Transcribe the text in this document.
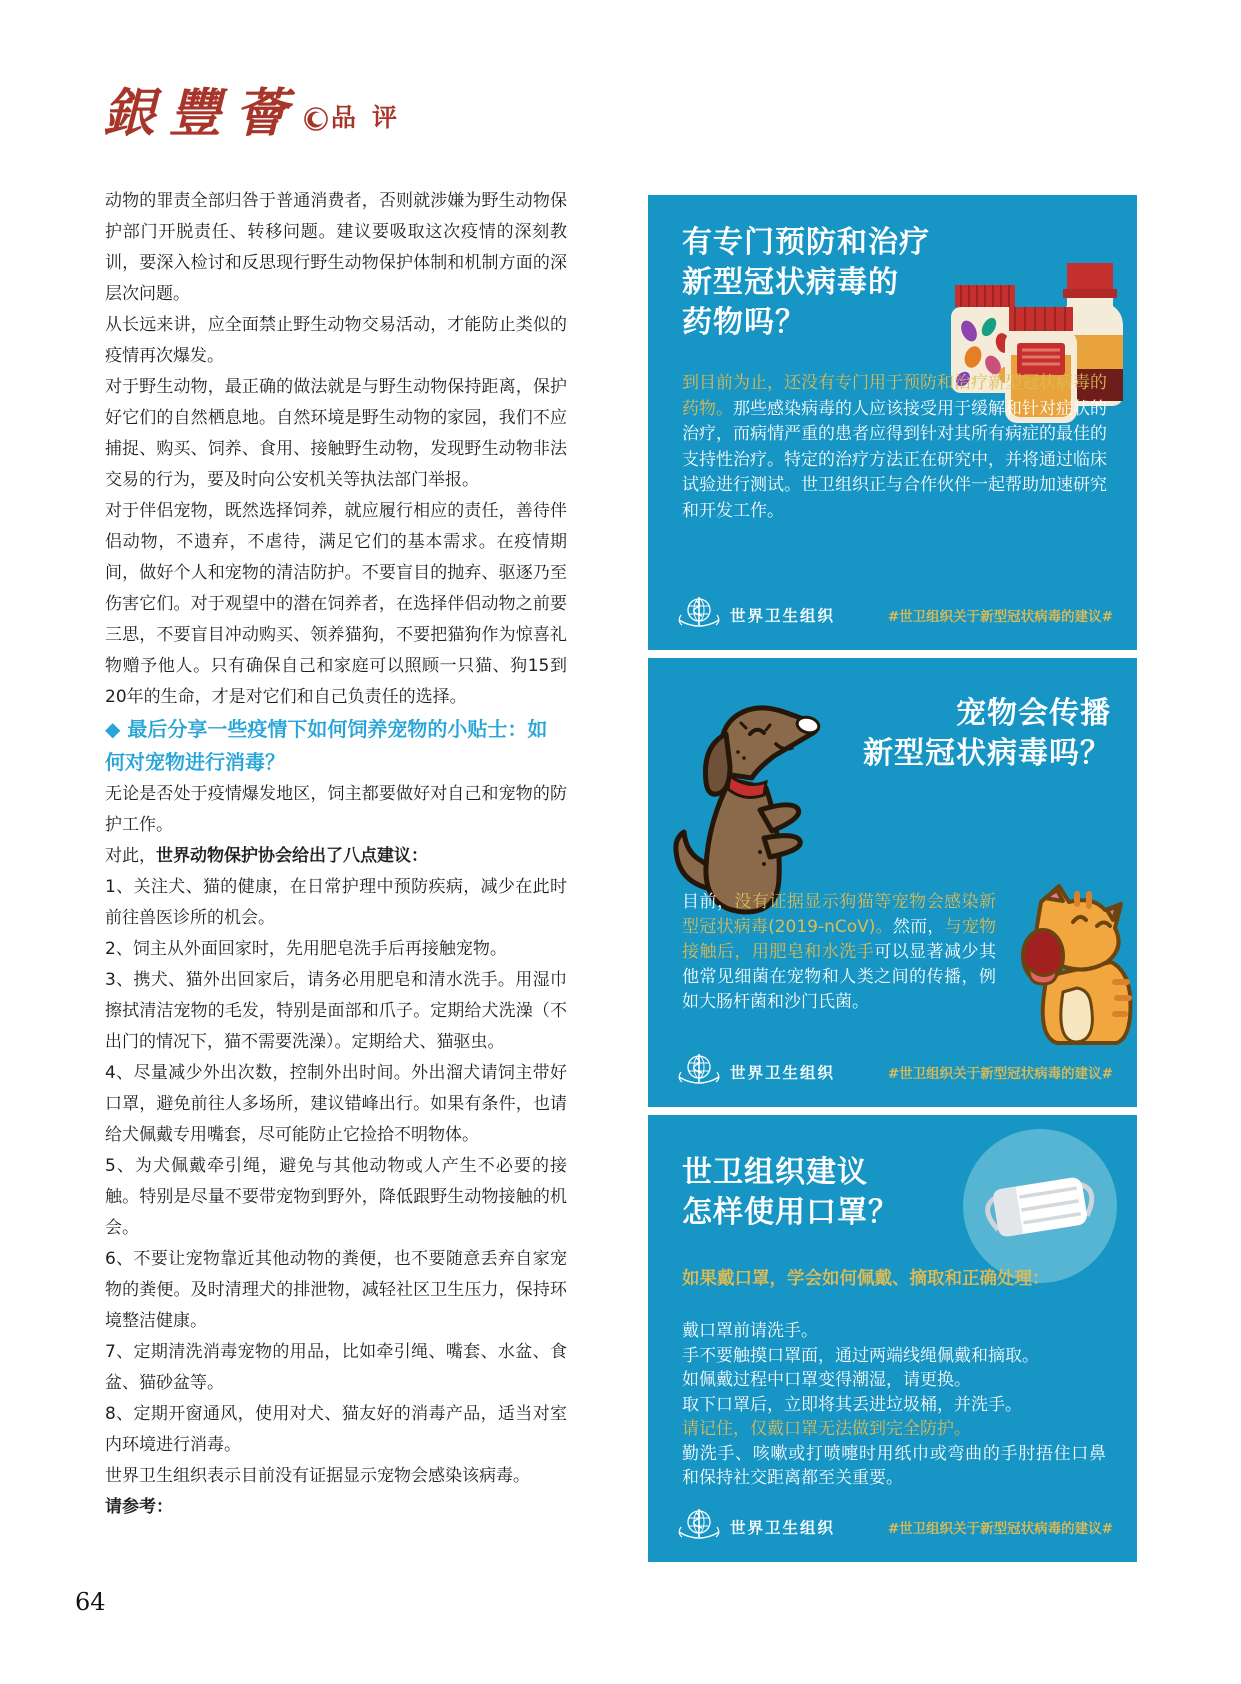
銀豐薈 品评

动物的罪责全部归咎于普通消费者，否则就涉嫌为野生动物保护部门开脱责任、转移问题。建议要吸取这次疫情的深刻教训，要深入检讨和反思现行野生动物保护体制和机制方面的深层次问题。

从长远来讲，应全面禁止野生动物交易活动，才能防止类似的疫情再次爆发。

对于野生动物，最正确的做法就是与野生动物保持距离，保护好它们的自然栖息地。自然环境是野生动物的家园，我们不应捕捉、购买、饲养、食用、接触野生动物，发现野生动物非法交易的行为，要及时向公安机关等执法部门举报。

对于伴侣宠物，既然选择饲养，就应履行相应的责任，善待伴侣动物，不遗弃，不虐待，满足它们的基本需求。在疫情期间，做好个人和宠物的清洁防护。不要盲目的抛弃、驱逐乃至伤害它们。对于观望中的潜在饲养者，在选择伴侣动物之前要三思，不要盲目冲动购买、领养猫狗，不要把猫狗作为惊喜礼物赠予他人。只有确保自己和家庭可以照顾一只猫、狗15到20年的生命，才是对它们和自己负责任的选择。

◆ 最后分享一些疫情下如何饲养宠物的小贴士：如何对宠物进行消毒？

无论是否处于疫情爆发地区，饲主都要做好对自己和宠物的防护工作。

对此，世界动物保护协会给出了八点建议：

1、关注犬、猫的健康，在日常护理中预防疾病，减少在此时前往兽医诊所的机会。

2、饲主从外面回家时，先用肥皂洗手后再接触宠物。

3、携犬、猫外出回家后，请务必用肥皂和清水洗手。用湿巾擦拭清洁宠物的毛发，特别是面部和爪子。定期给犬洗澡（不出门的情况下，猫不需要洗澡）。定期给犬、猫驱虫。

4、尽量减少外出次数，控制外出时间。外出溜犬请饲主带好口罩，避免前往人多场所，建议错峰出行。如果有条件，也请给犬佩戴专用嘴套，尽可能防止它捡拾不明物体。

5、为犬佩戴牵引绳，避免与其他动物或人产生不必要的接触。特别是尽量不要带宠物到野外，降低跟野生动物接触的机会。

6、不要让宠物靠近其他动物的粪便，也不要随意丢弃自家宠物的粪便。及时清理犬的排泄物，减轻社区卫生压力，保持环境整洁健康。

7、定期清洗消毒宠物的用品，比如牵引绳、嘴套、水盆、食盆、猫砂盆等。

8、定期开窗通风，使用对犬、猫友好的消毒产品，适当对室内环境进行消毒。

世界卫生组织表示目前没有证据显示宠物会感染该病毒。

请参考：

有专门预防和治疗
新型冠状病毒的
药物吗？
到目前为止，还没有专门用于预防和治疗新型冠状病毒的药物。那些感染病毒的人应该接受用于缓解和针对症状的治疗，而病情严重的患者应得到针对其所有病症的最佳的支持性治疗。特定的治疗方法正在研究中，并将通过临床试验进行测试。世卫组织正与合作伙伴一起帮助加速研究和开发工作。
世界卫生组织	#世卫组织关于新型冠状病毒的建议#
宠物会传播
新型冠状病毒吗？
目前，没有证据显示狗猫等宠物会感染新型冠状病毒(2019-nCoV)。然而，与宠物接触后，用肥皂和水洗手可以显著减少其他常见细菌在宠物和人类之间的传播，例如大肠杆菌和沙门氏菌。
世界卫生组织	#世卫组织关于新型冠状病毒的建议#
世卫组织建议
怎样使用口罩？
如果戴口罩，学会如何佩戴、摘取和正确处理：
戴口罩前请洗手。
手不要触摸口罩面，通过两端线绳佩戴和摘取。
如佩戴过程中口罩变得潮湿，请更换。
取下口罩后，立即将其丢进垃圾桶，并洗手。
请记住，仅戴口罩无法做到完全防护。
勤洗手、咳嗽或打喷嚏时用纸巾或弯曲的手肘捂住口鼻和保持社交距离都至关重要。
世界卫生组织	#世卫组织关于新型冠状病毒的建议#
64
